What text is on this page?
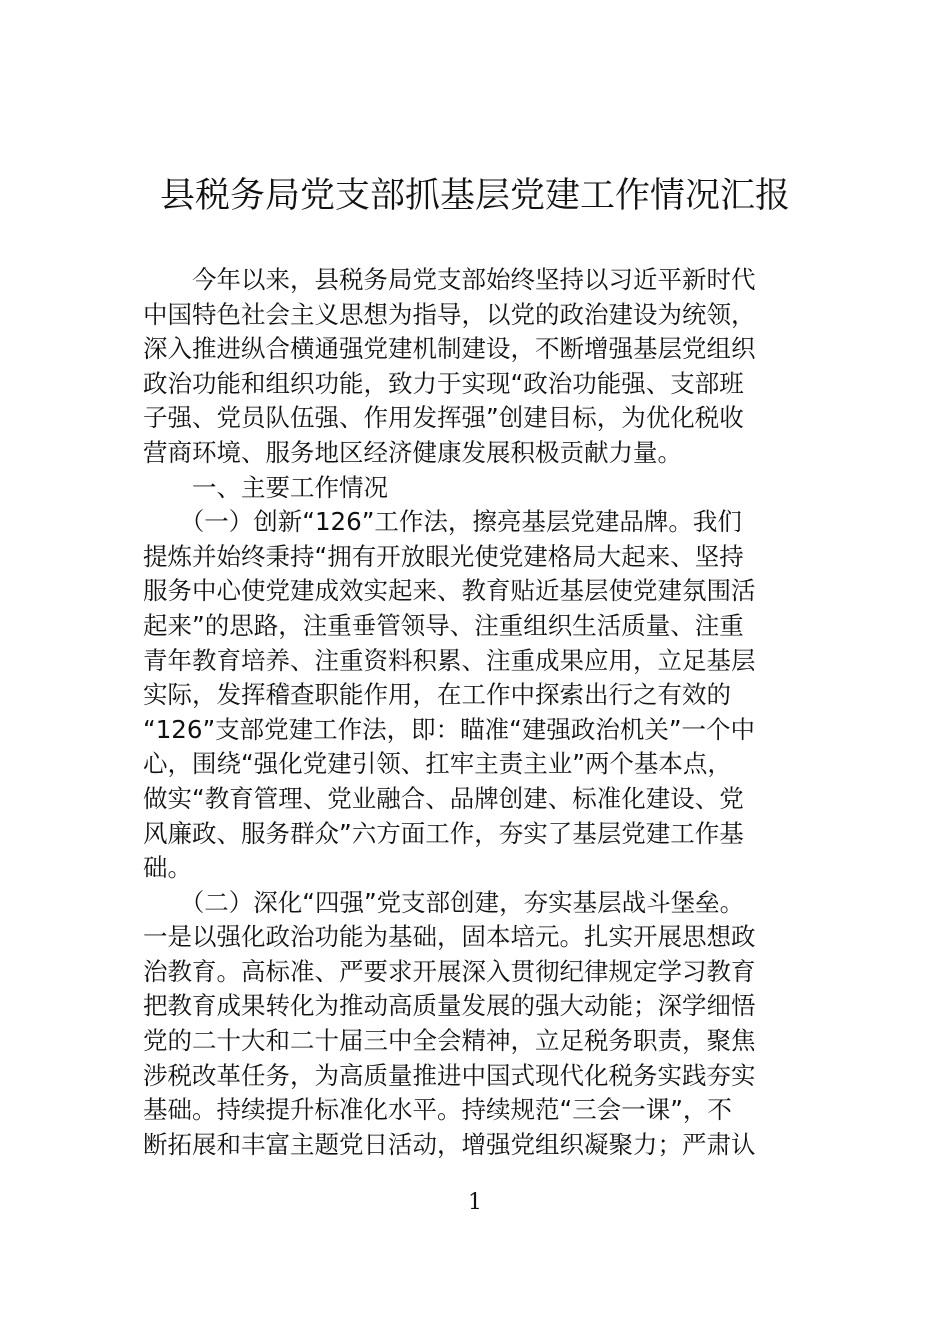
县税务局党支部抓基层党建工作情况汇报
　　今年以来，县税务局党支部始终坚持以习近平新时代
中国特色社会主义思想为指导，以党的政治建设为统领，
深入推进纵合横通强党建机制建设，不断增强基层党组织
政治功能和组织功能，致力于实现“政治功能强、支部班
子强、党员队伍强、作用发挥强”创建目标，为优化税收
营商环境、服务地区经济健康发展积极贡献力量。
　　一、主要工作情况
　　（一）创新“126”工作法，擦亮基层党建品牌。我们
提炼并始终秉持“拥有开放眼光使党建格局大起来、坚持
服务中心使党建成效实起来、教育贴近基层使党建氛围活
起来”的思路，注重垂管领导、注重组织生活质量、注重
青年教育培养、注重资料积累、注重成果应用，立足基层
实际，发挥稽查职能作用，在工作中探索出行之有效的
“126”支部党建工作法，即：瞄准“建强政治机关”一个中
心，围绕“强化党建引领、扛牢主责主业”两个基本点，
做实“教育管理、党业融合、品牌创建、标准化建设、党
风廉政、服务群众”六方面工作，夯实了基层党建工作基
础。
　　（二）深化“四强”党支部创建，夯实基层战斗堡垒。
一是以强化政治功能为基础，固本培元。扎实开展思想政
治教育。高标准、严要求开展深入贯彻纪律规定学习教育
把教育成果转化为推动高质量发展的强大动能；深学细悟
党的二十大和二十届三中全会精神，立足税务职责，聚焦
涉税改革任务，为高质量推进中国式现代化税务实践夯实
基础。持续提升标准化水平。持续规范“三会一课”，不
断拓展和丰富主题党日活动，增强党组织凝聚力；严肃认
1
